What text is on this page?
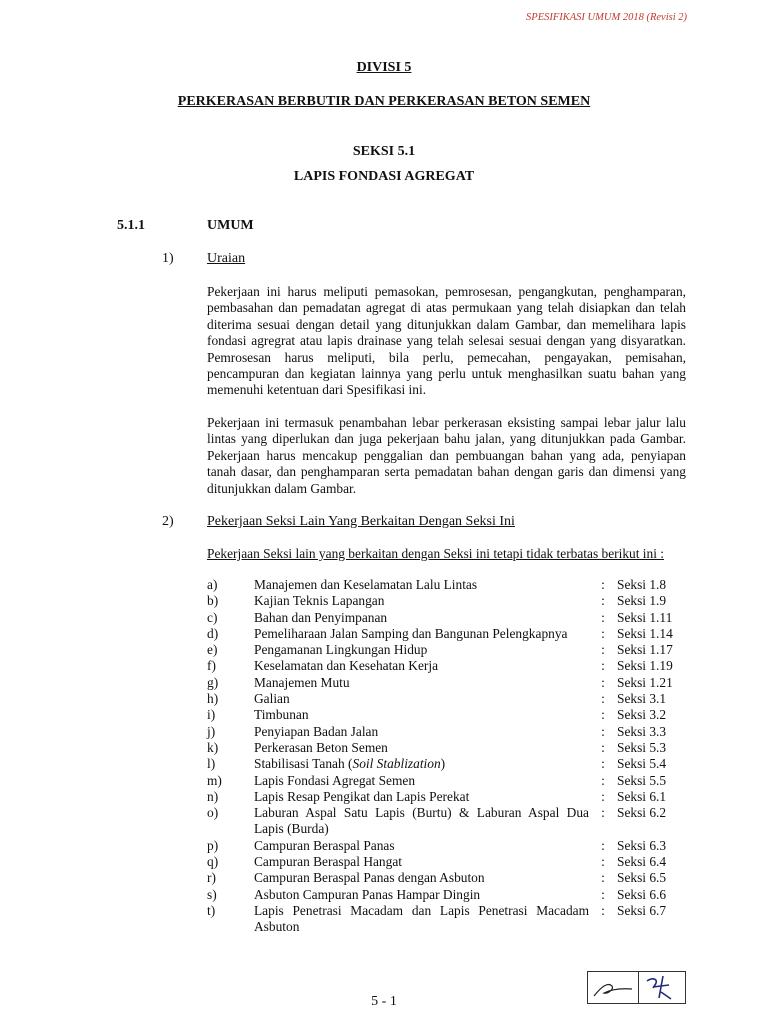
SPESIFIKASI UMUM 2018 (Revisi 2)
DIVISI 5
PERKERASAN BERBUTIR DAN PERKERASAN BETON SEMEN
SEKSI 5.1
LAPIS FONDASI AGREGAT
5.1.1	UMUM
1) Uraian
Pekerjaan ini harus meliputi pemasokan, pemrosesan, pengangkutan, penghamparan, pembasahan dan pemadatan agregat di atas permukaan yang telah disiapkan dan telah diterima sesuai dengan detail yang ditunjukkan dalam Gambar, dan memelihara lapis fondasi agregrat atau lapis drainase yang telah selesai sesuai dengan yang disyaratkan. Pemrosesan harus meliputi, bila perlu, pemecahan, pengayakan, pemisahan, pencampuran dan kegiatan lainnya yang perlu untuk menghasilkan suatu bahan yang memenuhi ketentuan dari Spesifikasi ini.
Pekerjaan ini termasuk penambahan lebar perkerasan eksisting sampai lebar jalur lalu lintas yang diperlukan dan juga pekerjaan bahu jalan, yang ditunjukkan pada Gambar. Pekerjaan harus mencakup penggalian dan pembuangan bahan yang ada, penyiapan tanah dasar, dan penghamparan serta pemadatan bahan dengan garis dan dimensi yang ditunjukkan dalam Gambar.
2) Pekerjaan Seksi Lain Yang Berkaitan Dengan Seksi Ini
Pekerjaan Seksi lain yang berkaitan dengan Seksi ini tetapi tidak terbatas berikut ini :
a)	Manajemen dan Keselamatan Lalu Lintas	: Seksi 1.8
b)	Kajian Teknis Lapangan	: Seksi 1.9
c)	Bahan dan Penyimpanan	: Seksi 1.11
d)	Pemeliharaan Jalan Samping dan Bangunan Pelengkapnya	: Seksi 1.14
e)	Pengamanan Lingkungan Hidup	: Seksi 1.17
f)	Keselamatan dan Kesehatan Kerja	: Seksi 1.19
g)	Manajemen Mutu	: Seksi 1.21
h)	Galian	: Seksi 3.1
i)	Timbunan	: Seksi 3.2
j)	Penyiapan Badan Jalan	: Seksi 3.3
k)	Perkerasan Beton Semen	: Seksi 5.3
l)	Stabilisasi Tanah (Soil Stablization)	: Seksi 5.4
m)	Lapis Fondasi Agregat Semen	: Seksi 5.5
n)	Lapis Resap Pengikat dan Lapis Perekat	: Seksi 6.1
o)	Laburan Aspal Satu Lapis (Burtu) & Laburan Aspal Dua Lapis (Burda)
: Seksi 6.2
p)	Campuran Beraspal Panas	: Seksi 6.3
q)	Campuran Beraspal Hangat	: Seksi 6.4
r)	Campuran Beraspal Panas dengan Asbuton	: Seksi 6.5
s)	Asbuton Campuran Panas Hampar Dingin	: Seksi 6.6
t)	Lapis Penetrasi Macadam dan Lapis Penetrasi Macadam Asbuton
: Seksi 6.7
5 - 1
